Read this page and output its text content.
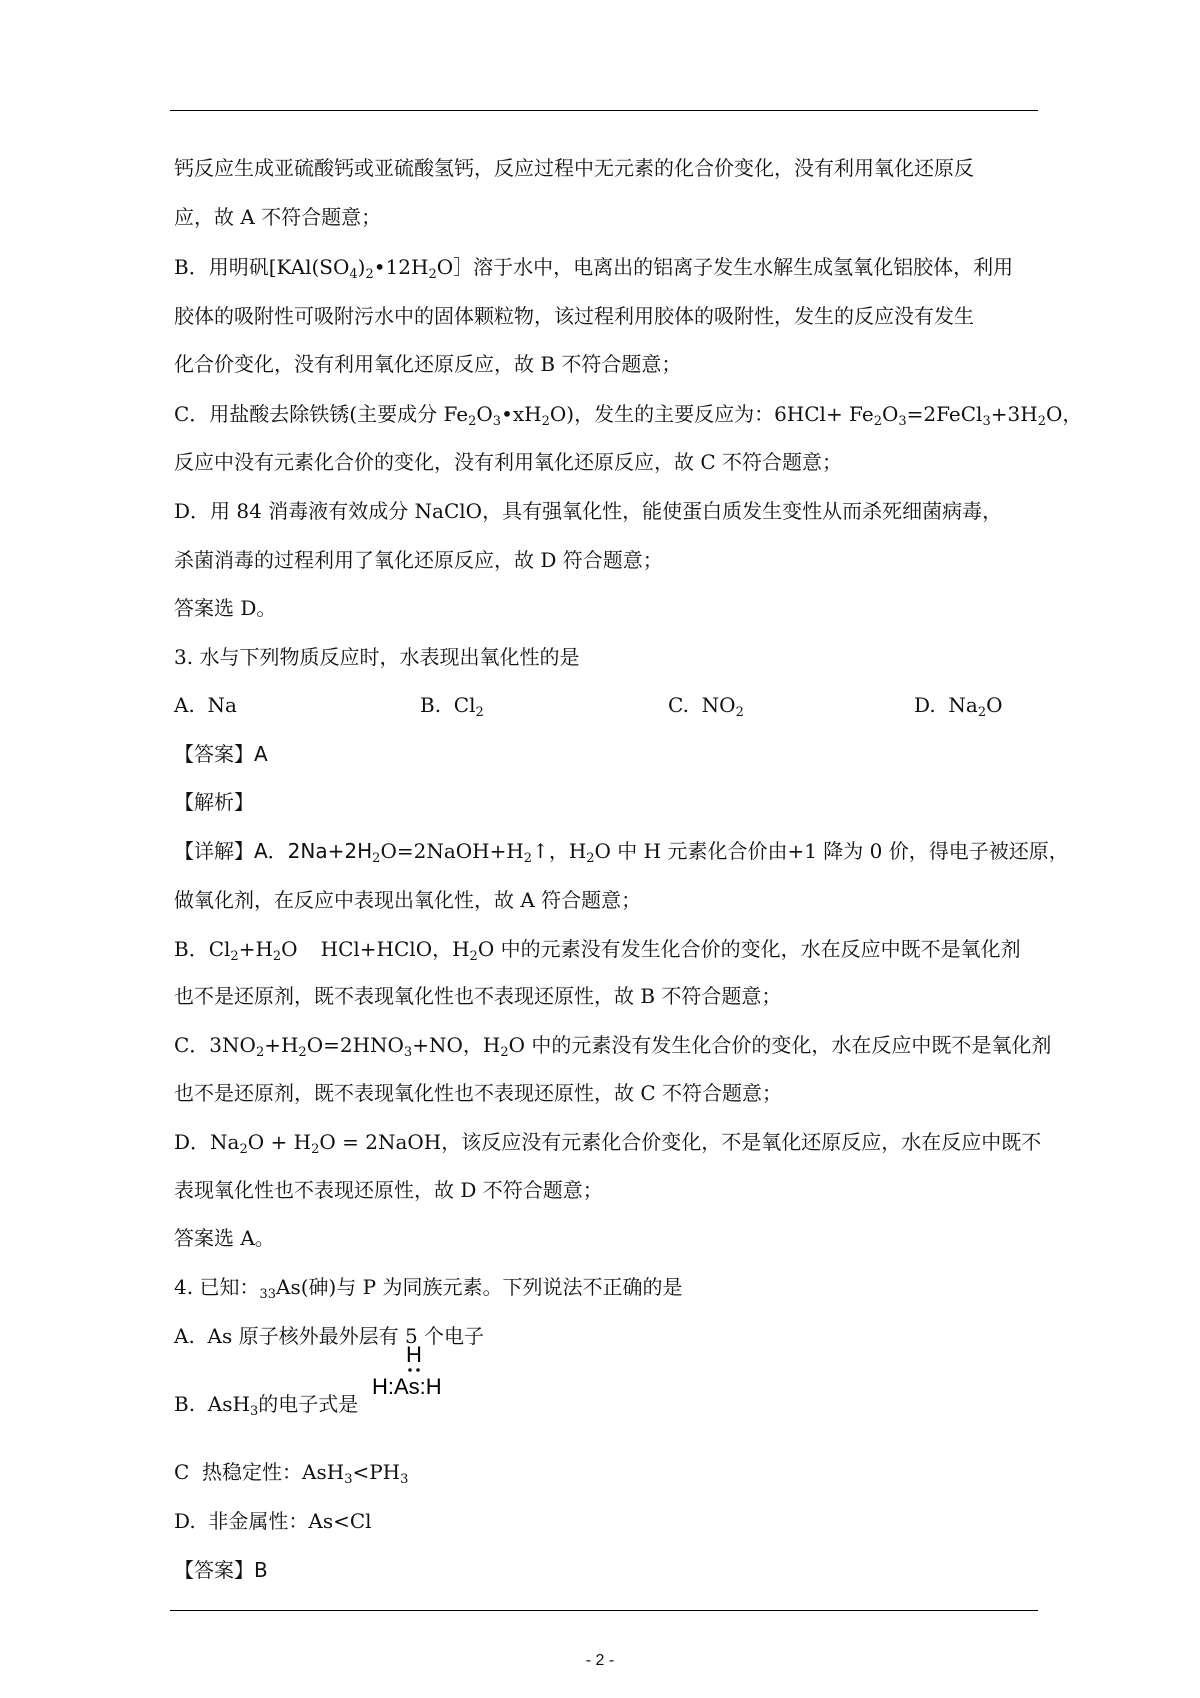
钙反应生成亚硫酸钙或亚硫酸氢钙，反应过程中无元素的化合价变化，没有利用氧化还原反
应，故 A 不符合题意；
B．用明矾[$KAl(SO_4)_2•12H_2O]$溶于水中，电离出的铝离子发生水解生成氢氧化铝胶体，利用
胶体的吸附性可吸附污水中的固体颗粒物，该过程利用胶体的吸附性，发生的反应没有发生
化合价变化，没有利用氧化还原反应，故 B 不符合题意；
C．用盐酸去除铁锈(主要成分 $Fe_2O_3•xH_2O$)，发生的主要反应为：$6HCl+ Fe_2O_3=2FeCl_3+3H_2O$，
反应中没有元素化合价的变化，没有利用氧化还原反应，故 C 不符合题意；
D．用 84 消毒液有效成分 NaClO，具有强氧化性，能使蛋白质发生变性从而杀死细菌病毒，
杀菌消毒的过程利用了氧化还原反应，故 D 符合题意；
答案选 D。
3. 水与下列物质反应时，水表现出氧化性的是
A. Na	B. $Cl_2$	C. $NO_2$	D. $Na_2O$
【答案】A
【解析】
【详解】A．$2Na+2H_2O=2NaOH+H_2↑$，$H_2O$ 中 H 元素化合价由+1 降为 0 价，得电子被还原，
做氧化剂，在反应中表现出氧化性，故 A 符合题意；
B．$Cl_2+H_2O$ HCl+HClO，$H_2O$ 中的元素没有发生化合价的变化，水在反应中既不是氧化剂
也不是还原剂，既不表现氧化性也不表现还原性，故 B 不符合题意；
C．$3NO_2+H_2O=2HNO_3+NO$，$H_2O$ 中的元素没有发生化合价的变化，水在反应中既不是氧化剂
也不是还原剂，既不表现氧化性也不表现还原性，故 C 不符合题意；
D．$Na_2O + H_2O$ = 2NaOH，该反应没有元素化合价变化，不是氧化还原反应，水在反应中既不
表现氧化性也不表现还原性，故 D 不符合题意；
答案选 A。
4. 已知：$_{33}$As(砷)与 P 为同族元素。下列说法不正确的是
A. As 原子核外最外层有 5 个电子
B. AsH$_3$的电子式是
H
H:As:H
C 热稳定性：$AsH_3<PH_3$
D. 非金属性：As<Cl
【答案】B
- 2 -
